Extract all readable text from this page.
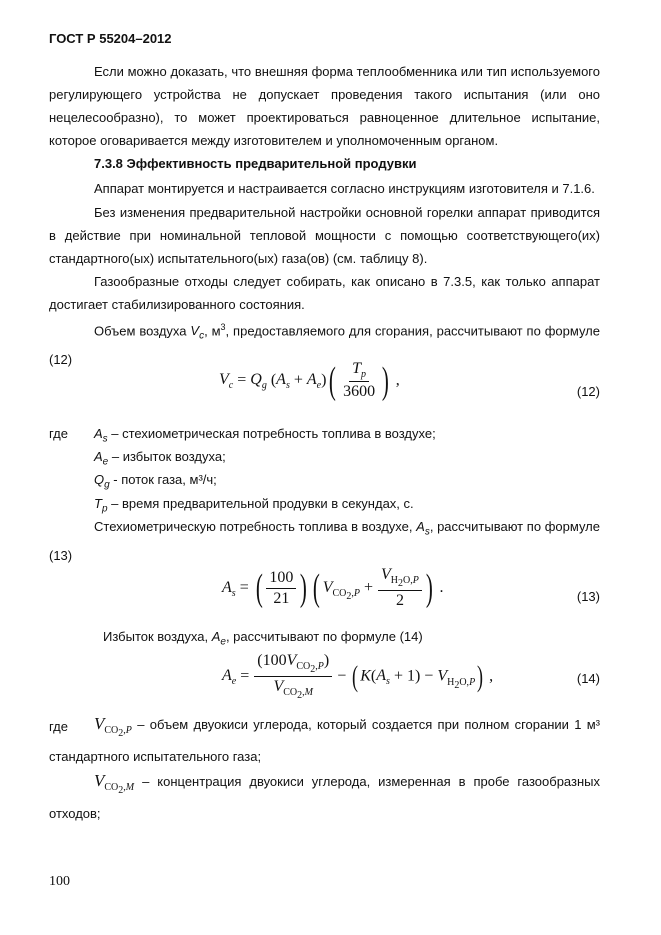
ГОСТ Р 55204–2012
Если можно доказать, что внешняя форма теплообменника или тип используемого регулирующего устройства не допускает проведения такого испытания (или оно нецелесообразно), то может проектироваться равноценное длительное испытание, которое оговаривается между изготовителем и уполномоченным органом.
7.3.8 Эффективность предварительной продувки
Аппарат монтируется и настраивается согласно инструкциям изготовителя и 7.1.6.
Без изменения предварительной настройки основной горелки аппарат приводится в действие при номинальной тепловой мощности с помощью соответствующего(их) стандартного(ых) испытательного(ых) газа(ов) (см. таблицу 8).
Газообразные отходы следует собирать, как описано в 7.3.5, как только аппарат достигает стабилизированного состояния.
Объем воздуха $V_c$, $м^3$, предоставляемого для сгорания, рассчитывают по формуле (12)
$V_c = Q_g$ $(A_s + A_e)( \frac{T_p}{3600}$ ) ,
(12)
где $A_s$ – стехиометрическая потребность топлива в воздухе;
$A_e$ – избыток воздуха;
$Q_g$ - поток газа, м³/ч;
$T_p$ – время предварительной продувки в секундах, с.
Стехиометрическую потребность топлива в воздухе, $A_s$, рассчитывают по формуле (13)
$A_s$ = ( $\frac{100}{21}$ ) ( $V_{CO_2,P} + \frac{V_{H_2O,P}}{2}$ ) .
(13)
Избыток воздуха, $A_e$, рассчитывают по формуле (14)
$A_e = \frac{(100V_{CO_2,P})}{V_{CO_2,M}}$ − ( $K(A_s + 1) - V_{H_2O,P}$) ,	(14)
где	$V_{CO_2,P}$ – объем двуокиси углерода, который создается при полном сгорании 1 м³ стандартного испытательного газа;
$V_{CO_2,M}$ – концентрация двуокиси углерода, измеренная в пробе газообразных отходов;
100
